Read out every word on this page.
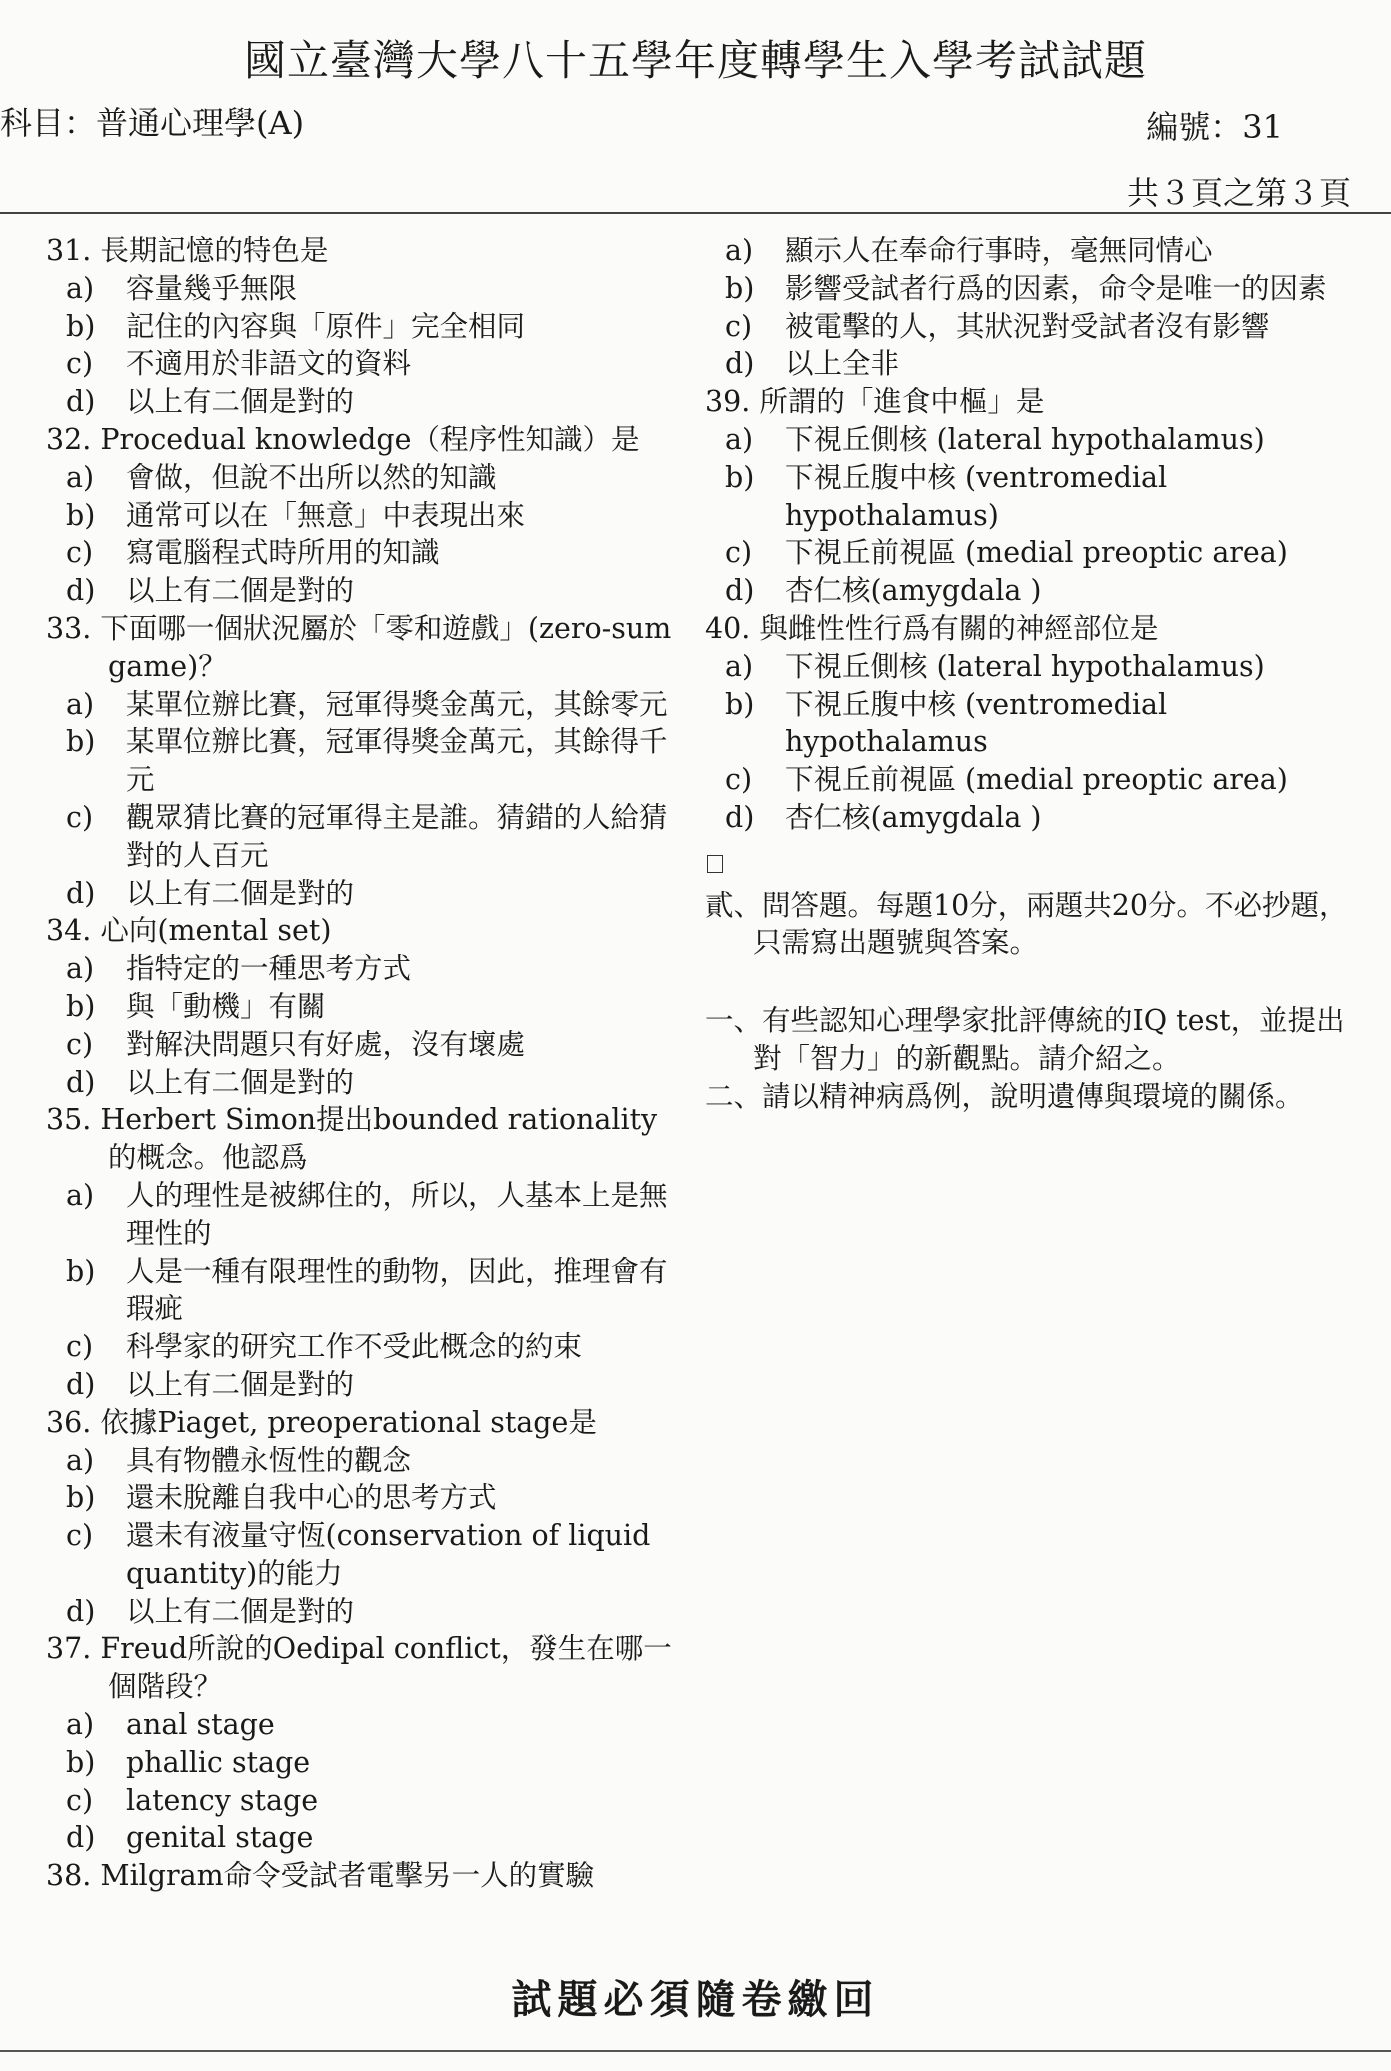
國立臺灣大學八十五學年度轉學生入學考試試題
科目：普通心理學(A)	編號：31
共３頁之第３頁
31. 長期記憶的特色是
a)	容量幾乎無限
b)	記住的內容與「原件」完全相同
c)	不適用於非語文的資料
d)	以上有二個是對的
32. Procedual knowledge（程序性知識）是
a)	會做，但說不出所以然的知識
b)	通常可以在「無意」中表現出來
c)	寫電腦程式時所用的知識
d)	以上有二個是對的
33. 下面哪一個狀況屬於「零和遊戲」(zero-sum game)？
a)	某單位辦比賽，冠軍得獎金萬元，其餘零元
b)	某單位辦比賽，冠軍得獎金萬元，其餘得千元
c)	觀眾猜比賽的冠軍得主是誰。猜錯的人給猜對的人百元
d)	以上有二個是對的
34. 心向(mental set)
a)	指特定的一種思考方式
b)	與「動機」有關
c)	對解決問題只有好處，沒有壞處
d)	以上有二個是對的
35. Herbert Simon提出bounded rationality的概念。他認爲
a)	人的理性是被綁住的，所以，人基本上是無理性的
b)	人是一種有限理性的動物，因此，推理會有瑕疵
c)	科學家的研究工作不受此概念的約束
d)	以上有二個是對的
36. 依據Piaget, preoperational stage是
a)	具有物體永恆性的觀念
b)	還未脫離自我中心的思考方式
c)	還未有液量守恆(conservation of liquid quantity)的能力
d)	以上有二個是對的
37. Freud所說的Oedipal conflict，發生在哪一個階段？
a)	anal stage
b)	phallic stage
c)	latency stage
d)	genital stage
38. Milgram命令受試者電擊另一人的實驗
a)	顯示人在奉命行事時，毫無同情心
b)	影響受試者行爲的因素，命令是唯一的因素
c)	被電擊的人，其狀況對受試者沒有影響
d)	以上全非
39. 所謂的「進食中樞」是
a)	下視丘側核 (lateral hypothalamus)
b)	下視丘腹中核 (ventromedial hypothalamus)
c)	下視丘前視區 (medial preoptic area)
d)	杏仁核(amygdala )
40. 與雌性性行爲有關的神經部位是
a)	下視丘側核 (lateral hypothalamus)
b)	下視丘腹中核 (ventromedial hypothalamus
c)	下視丘前視區 (medial preoptic area)
d)	杏仁核(amygdala )
貳、問答題。每題10分，兩題共20分。不必抄題，只需寫出題號與答案。
一、有些認知心理學家批評傳統的IQ test，並提出對「智力」的新觀點。請介紹之。
二、請以精神病爲例，說明遺傳與環境的關係。
試題必須隨卷繳回
